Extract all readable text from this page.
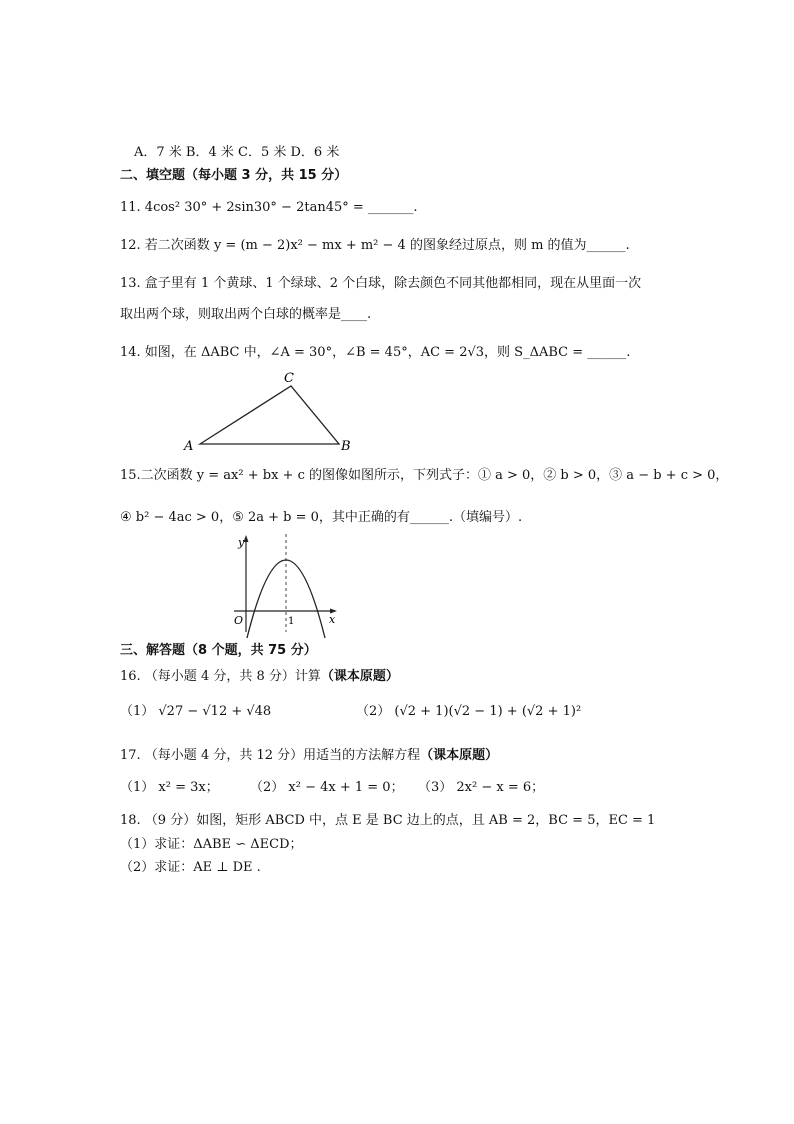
A．7 米 B．4 米 C．5 米 D．6 米
二、填空题（每小题 3 分，共 15 分）
11. 4cos² 30° + 2sin30° − 2tan45° = _______.
12. 若二次函数 y = (m − 2)x² − mx + m² − 4 的图象经过原点，则 m 的值为______.
13. 盒子里有 1 个黄球、1 个绿球、2 个白球，除去颜色不同其他都相同，现在从里面一次
取出两个球，则取出两个白球的概率是____.
14. 如图，在 ΔABC 中，∠A = 30°，∠B = 45°，AC = 2√3，则 S_ΔABC = ______.
A	B
C
15.二次函数 y = ax² + bx + c 的图像如图所示，下列式子：① a > 0，② b > 0，③ a − b + c > 0，
④ b² − 4ac > 0，⑤ 2a + b = 0，其中正确的有______.（填编号）.
y
x
O	1
三、解答题（8 个题，共 75 分）
16. （每小题 4 分，共 8 分）计算（课本原题）
（1） √27 − √12 + √48	（2） (√2 + 1)(√2 − 1) + (√2 + 1)²
17. （每小题 4 分，共 12 分）用适当的方法解方程（课本原题）
（1） x² = 3x； （2） x² − 4x + 1 = 0； （3） 2x² − x = 6；
18. （9 分）如图，矩形 ABCD 中，点 E 是 BC 边上的点，且 AB = 2，BC = 5，EC = 1
（1）求证：ΔABE ∽ ΔECD；
（2）求证：AE ⊥ DE .
